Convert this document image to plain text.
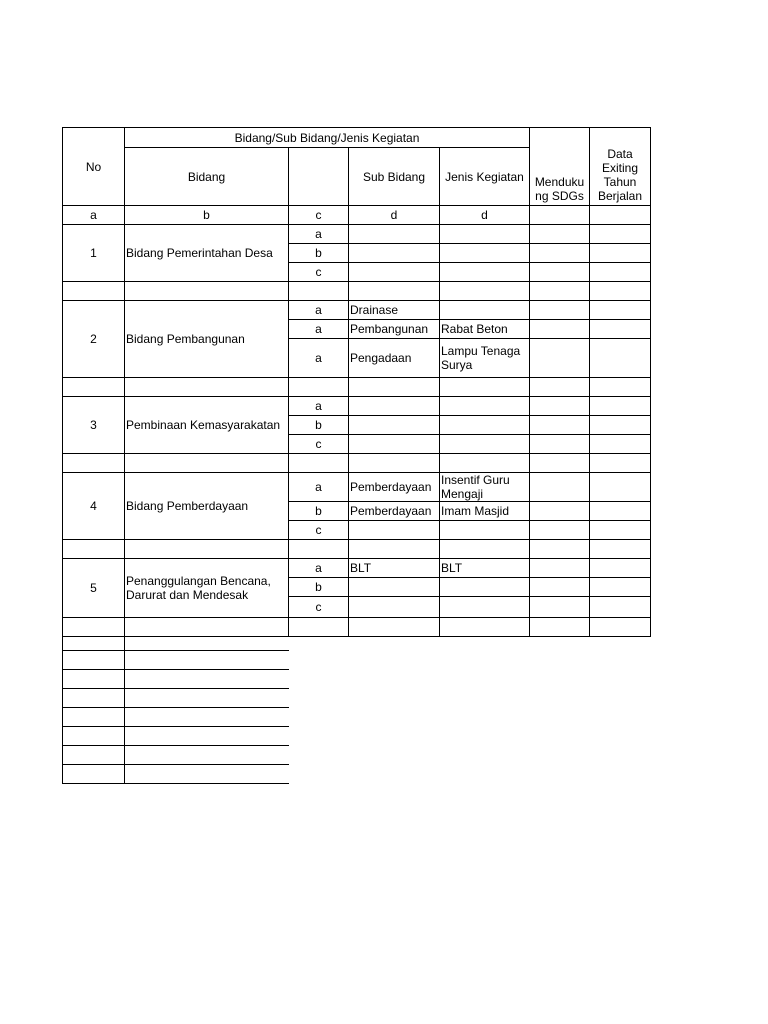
No	Bidang/Sub Bidang/Jenis Kegiatan				Menduku ng SDGs	Data Exiting Tahun Berjalan
	Bidang		Sub Bidang	Jenis Kegiatan		
a	b	c	d	d		
1	Bidang Pemerintahan Desa	a				
		b				
		c				

2	Bidang Pembangunan	a	Drainase			
		a	Pembangunan	Rabat Beton		
		a	Pengadaan	Lampu Tenaga Surya		

3	Pembinaan Kemasyarakatan	a				
		b				
		c				

4	Bidang Pemberdayaan	a	Pemberdayaan	Insentif Guru Mengaji		
		b	Pemberdayaan	Imam Masjid		
		c				

5	Penanggulangan Bencana, Darurat dan Mendesak	a	BLT	BLT		
		b				
		c				
